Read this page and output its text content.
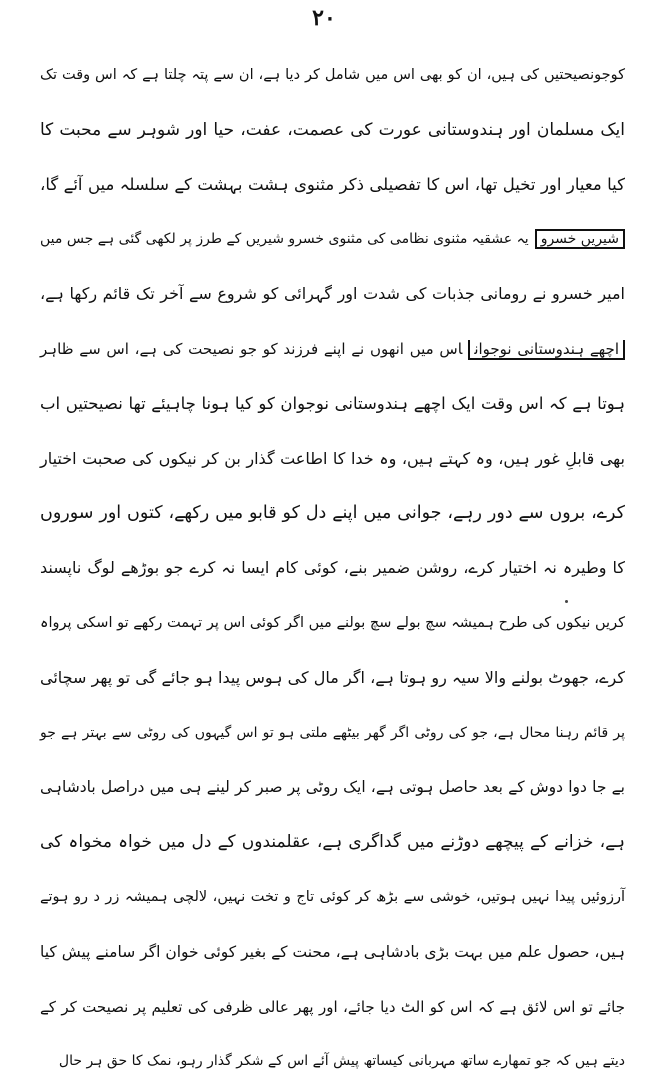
۲۰
کوجونصیحتیں کی ہیں، ان کو بھی اس میں شامل کر دیا ہے، ان سے پتہ چلتا ہے کہ اس وقت تک
ایک مسلمان اور ہندوستانی عورت کی عصمت، عفت، حیا اور شوہر سے محبت کا
کیا معیار اور تخیل تھا، اس کا تفصیلی ذکر مثنوی ہشت بہشت کے سلسلہ میں آئے گا،
شیریں خسرویہ عشقیہ مثنوی نظامی کی مثنوی خسرو شیریں کے طرز پر لکھی گئی ہے جس میں
امیر خسرو نے رومانی جذبات کی شدت اور گہرائی کو شروع سے آخر تک قائم رکھا ہے،
اچھے ہندوستانی نوجواناس میں انھوں نے اپنے فرزند کو جو نصیحت کی ہے، اس سے ظاہر
ہوتا ہے کہ اس وقت ایک اچھے ہندوستانی نوجوان کو کیا ہونا چاہیئے تھا نصیحتیں اب
بھی قابلِ غور ہیں، وہ کہتے ہیں، وہ خدا کا اطاعت گذار بن کر نیکوں کی صحبت اختیار
کرے، بروں سے دور رہے، جوانی میں اپنے دل کو قابو میں رکھے، کتوں اور سوروں
کا وطیرہ نہ اختیار کرے، روشن ضمیر بنے، کوئی کام ایسا نہ کرے جو بوڑھے لوگ ناپسند
کریں نیکوں کی طرح ہمیشہ سچ بولے سچ بولنے میں اگر کوئی اس پر تہمت رکھے تو اسکی پرواہ
کرے، جھوٹ بولنے والا سیہ رو ہوتا ہے، اگر مال کی ہوس پیدا ہو جائے گی تو پھر سچائی
پر قائم رہنا محال ہے، جو کی روٹی اگر گھر بیٹھے ملتی ہو تو اس گیہوں کی روٹی سے بہتر ہے جو
بے جا دوا دوش کے بعد حاصل ہوتی ہے، ایک روٹی پر صبر کر لینے ہی میں دراصل بادشاہی
ہے، خزانے کے پیچھے دوڑنے میں گداگری ہے، عقلمندوں کے دل میں خواہ مخواہ کی
آرزوئیں پیدا نہیں ہوتیں، خوشی سے بڑھ کر کوئی تاج و تخت نہیں، لالچی ہمیشہ زر د رو ہوتے
ہیں، حصول علم میں بہت بڑی بادشاہی ہے، محنت کے بغیر کوئی خوان اگر سامنے پیش کیا
جائے تو اس لائق ہے کہ اس کو الٹ دیا جائے، اور پھر عالی ظرفی کی تعلیم پر نصیحت کر کے
دیتے ہیں کہ جو تمھارے ساتھ مہربانی کیساتھ پیش آئے اس کے شکر گذار رہو، نمک کا حق ہر حال
